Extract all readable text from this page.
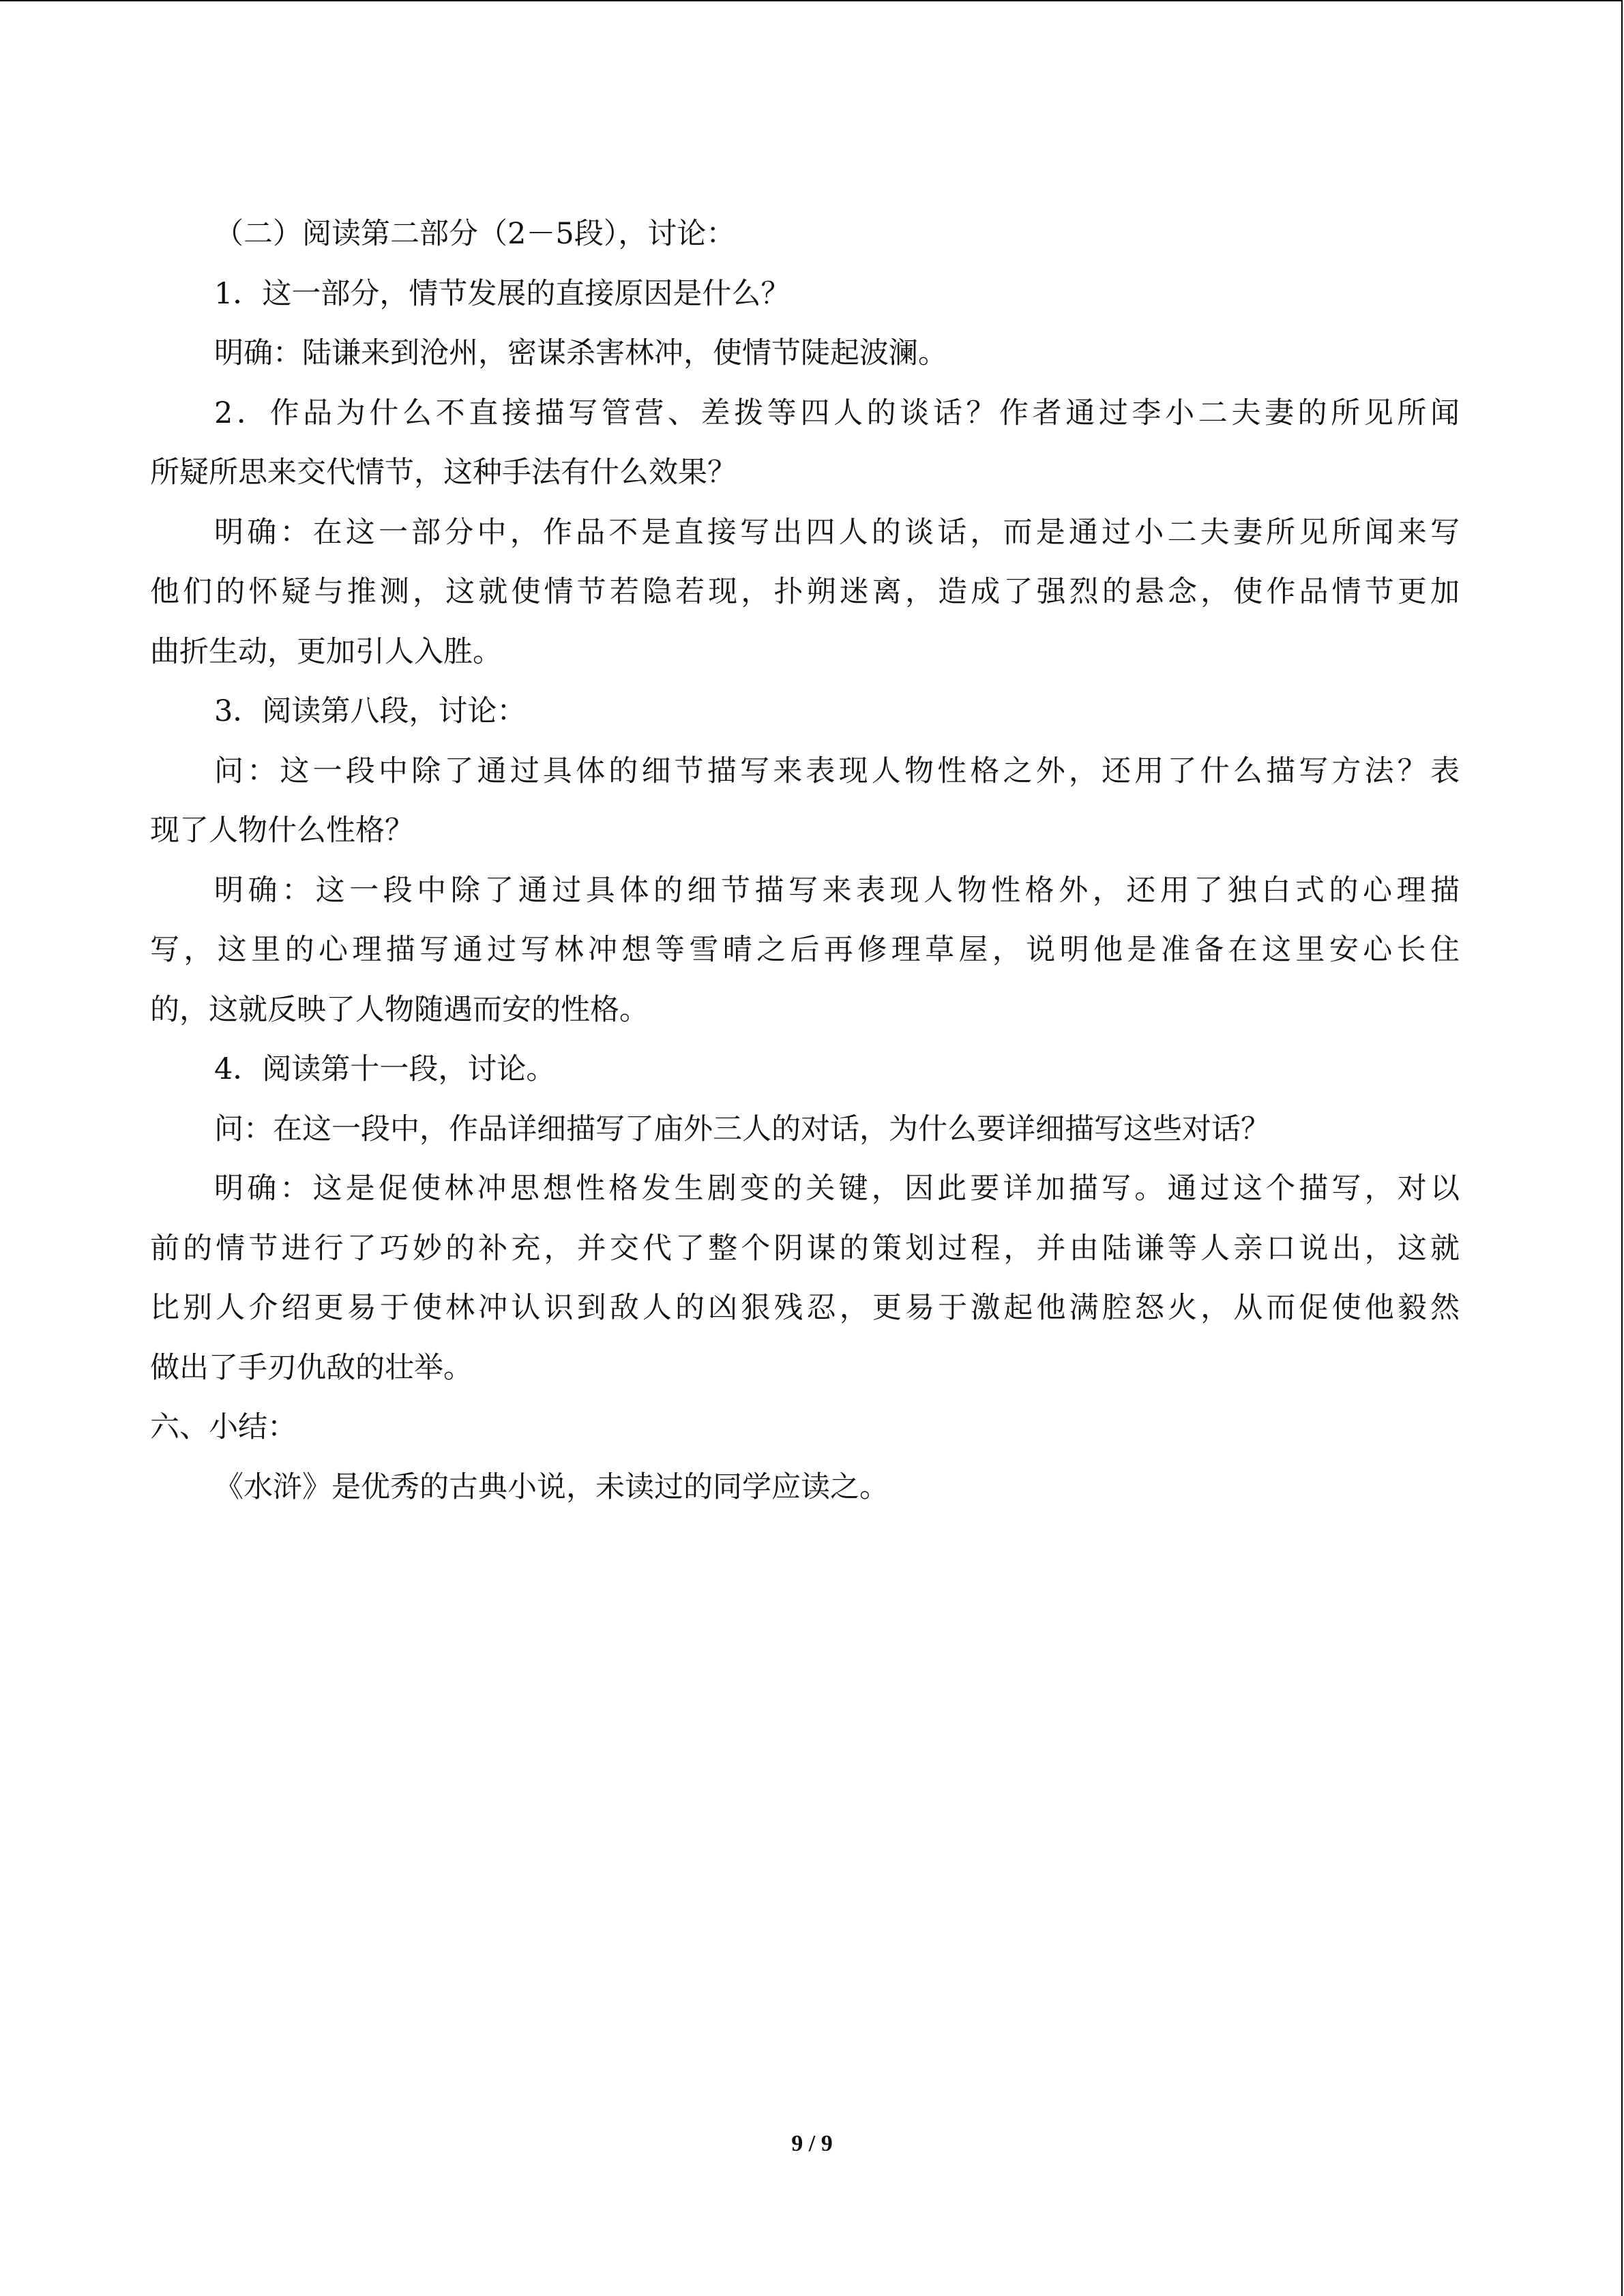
（二）阅读第二部分（2－5段），讨论：
1．这一部分，情节发展的直接原因是什么？
明确：陆谦来到沧州，密谋杀害林冲，使情节陡起波澜。
2．作品为什么不直接描写管营、差拨等四人的谈话？作者通过李小二夫妻的所见所闻
所疑所思来交代情节，这种手法有什么效果？
明确：在这一部分中，作品不是直接写出四人的谈话，而是通过小二夫妻所见所闻来写
他们的怀疑与推测，这就使情节若隐若现，扑朔迷离，造成了强烈的悬念，使作品情节更加
曲折生动，更加引人入胜。
3．阅读第八段，讨论：
问：这一段中除了通过具体的细节描写来表现人物性格之外，还用了什么描写方法？表
现了人物什么性格？
明确：这一段中除了通过具体的细节描写来表现人物性格外，还用了独白式的心理描
写，这里的心理描写通过写林冲想等雪晴之后再修理草屋，说明他是准备在这里安心长住
的，这就反映了人物随遇而安的性格。
4．阅读第十一段，讨论。
问：在这一段中，作品详细描写了庙外三人的对话，为什么要详细描写这些对话？
明确：这是促使林冲思想性格发生剧变的关键，因此要详加描写。通过这个描写，对以
前的情节进行了巧妙的补充，并交代了整个阴谋的策划过程，并由陆谦等人亲口说出，这就
比别人介绍更易于使林冲认识到敌人的凶狠残忍，更易于激起他满腔怒火，从而促使他毅然
做出了手刃仇敌的壮举。
六、小结：
《水浒》是优秀的古典小说，未读过的同学应读之。
9 / 9
